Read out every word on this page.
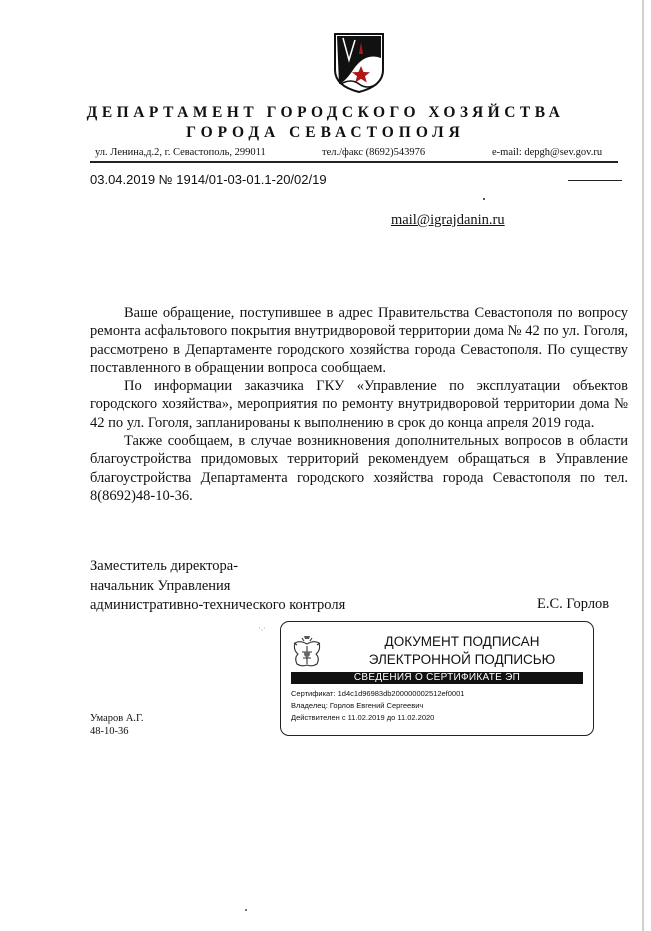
ДЕПАРТАМЕНТ ГОРОДСКОГО ХОЗЯЙСТВА
ГОРОДА СЕВАСТОПОЛЯ
ул. Ленина,д.2, г. Севастополь, 299011	тел./факс (8692)543976	e-mail: depgh@sev.gov.ru
03.04.2019 № 1914/01-03-01.1-20/02/19
mail@igrajdanin.ru

Ваше обращение, поступившее в адрес Правительства Севастополя по вопросу ремонта асфальтового покрытия внутридворовой территории дома № 42 по ул. Гоголя, рассмотрено в Департаменте городского хозяйства города Севастополя. По существу поставленного в обращении вопроса сообщаем.

По информации заказчика ГКУ «Управление по эксплуатации объектов городского хозяйства», мероприятия по ремонту внутридворовой территории дома № 42 по ул. Гоголя, запланированы к выполнению в срок до конца апреля 2019 года.

Также сообщаем, в случае возникновения дополнительных вопросов в области благоустройства придомовых территорий рекомендуем обращаться в Управление благоустройства Департамента городского хозяйства города Севастополя по тел. 8(8692)48-10-36.

Заместитель директора-
начальник Управления
административно-технического контроля	Е.С. Горлов
ˈ‧ˈ
ДОКУМЕНТ ПОДПИСАН
ЭЛЕКТРОННОЙ ПОДПИСЬЮ
СВЕДЕНИЯ О СЕРТИФИКАТЕ ЭП
Сертификат: 1d4c1d96983db200000002512ef0001
Владелец: Горлов Евгений Сергеевич
Действителен с 11.02.2019 до 11.02.2020
Умаров А.Г.
48-10-36
